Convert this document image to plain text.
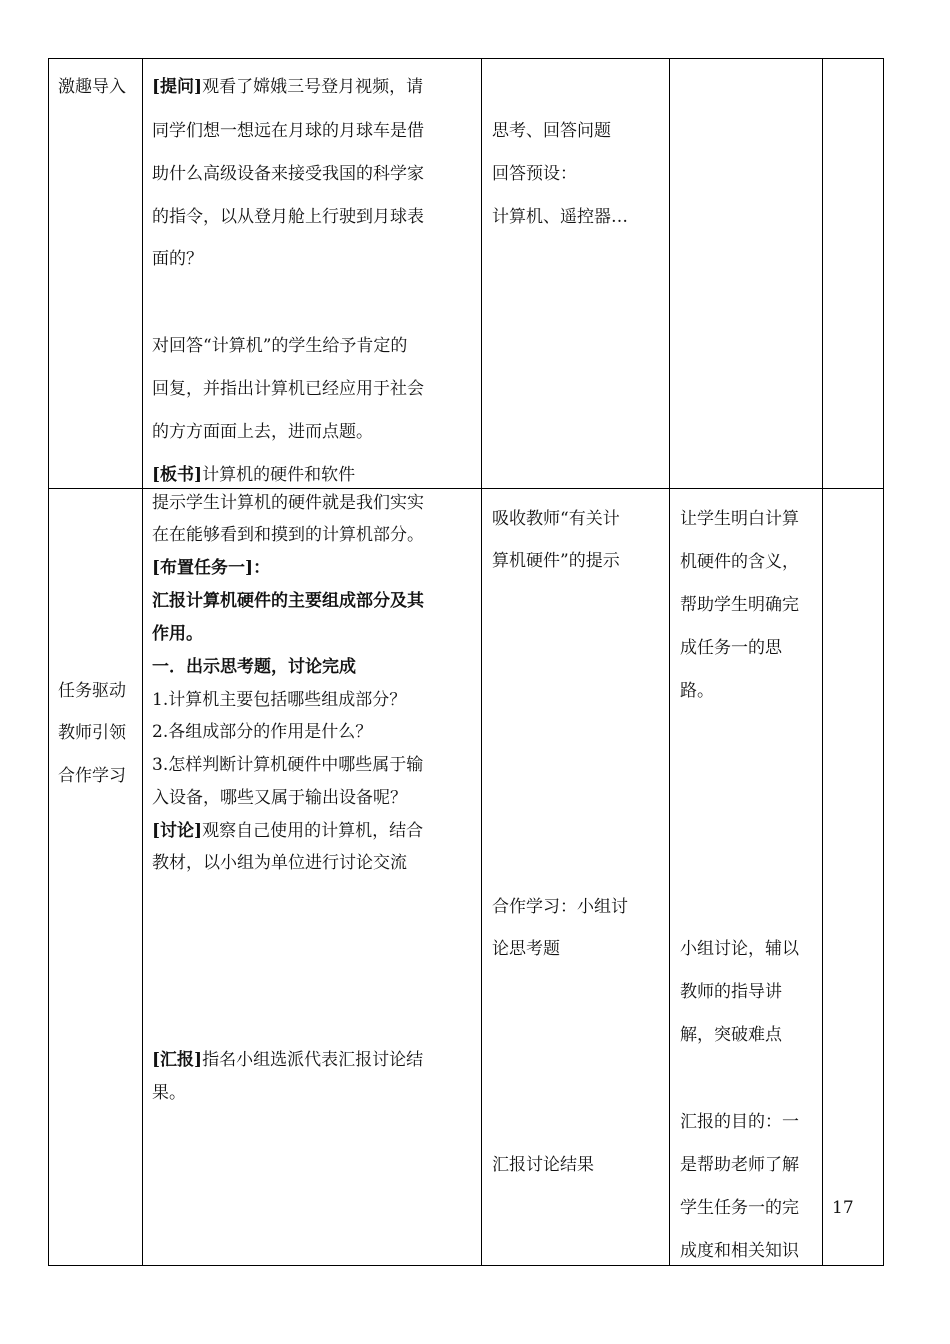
激趣导入 [提问]观看了嫦娥三号登月视频，请
同学们想一想远在月球的月球车是借
助什么高级设备来接受我国的科学家
的指令，以从登月舱上行驶到月球表
面的？
对回答“计算机”的学生给予肯定的
回复，并指出计算机已经应用于社会
的方方面面上去，进而点题。
[板书]计算机的硬件和软件
思考、回答问题
回答预设：
计算机、遥控器…
任务驱动
教师引领
合作学习
提示学生计算机的硬件就是我们实实
在在能够看到和摸到的计算机部分。
[布置任务一]：
汇报计算机硬件的主要组成部分及其
作用。
一．出示思考题，讨论完成
1.计算机主要包括哪些组成部分？
2.各组成部分的作用是什么？
3.怎样判断计算机硬件中哪些属于输
入设备，哪些又属于输出设备呢？
[讨论]观察自己使用的计算机，结合
教材，以小组为单位进行讨论交流
[汇报]指名小组选派代表汇报讨论结
果。
吸收教师“有关计
算机硬件”的提示
合作学习：小组讨
论思考题
汇报讨论结果
让学生明白计算
机硬件的含义，
帮助学生明确完
成任务一的思
路。
小组讨论，辅以
教师的指导讲
解，突破难点
汇报的目的：一
是帮助老师了解
学生任务一的完
成度和相关知识
17
